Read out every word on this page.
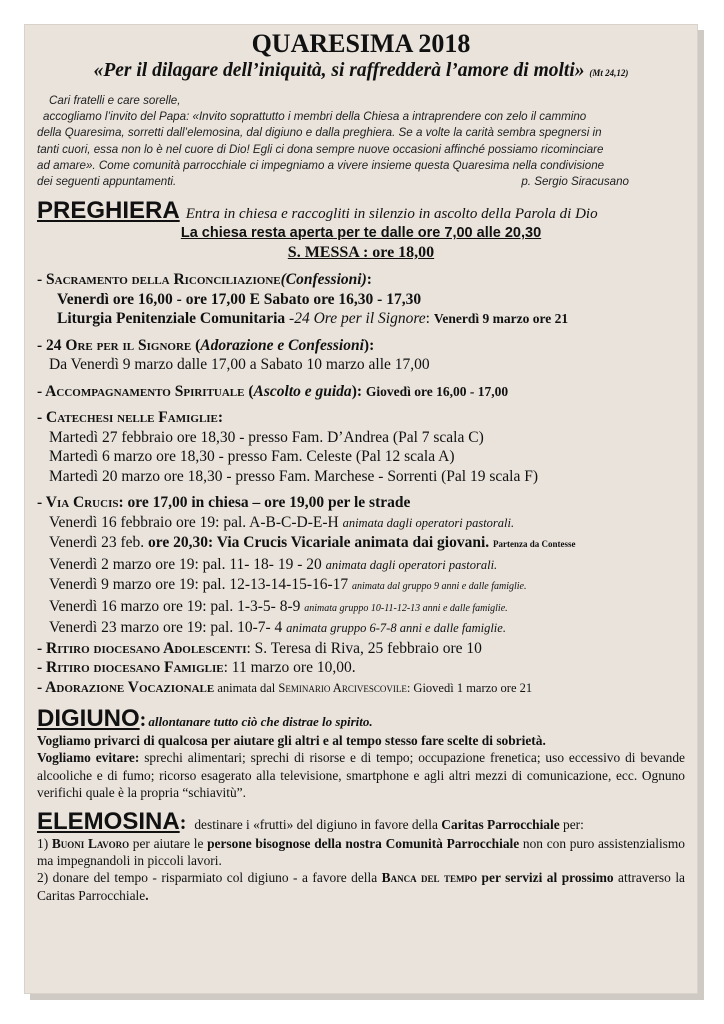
QUARESIMA 2018
«Per il dilagare dell’iniquità, si raffredderà l’amore di molti» (Mt 24,12)
Cari fratelli e care sorelle,
accogliamo l’invito del Papa: «Invito soprattutto i membri della Chiesa a intraprendere con zelo il cammino
della Quaresima, sorretti dall’elemosina, dal digiuno e dalla preghiera. Se a volte la carità sembra spegnersi in
tanti cuori, essa non lo è nel cuore di Dio! Egli ci dona sempre nuove occasioni affinché possiamo ricominciare
ad amare». Come comunità parrocchiale ci impegniamo a vivere insieme questa Quaresima nella condivisione
dei seguenti appuntamenti.	p. Sergio Siracusano
PREGHIERA Entra in chiesa e raccogliti in silenzio in ascolto della Parola di Dio
La chiesa resta aperta per te dalle ore 7,00 alle 20,30
S. MESSA : ore 18,00
- Sacramento della Riconciliazione(Confessioni):
Venerdì ore 16,00 - ore 17,00 E Sabato ore 16,30 - 17,30
Liturgia Penitenziale Comunitaria -24 Ore per il Signore: Venerdì 9 marzo ore 21
- 24 Ore per il Signore (Adorazione e Confessioni):
Da Venerdì 9 marzo dalle 17,00 a Sabato 10 marzo alle 17,00
- Accompagnamento Spirituale (Ascolto e guida): Giovedì ore 16,00 - 17,00
- Catechesi nelle Famiglie:
Martedì 27 febbraio ore 18,30 - presso Fam. D’Andrea (Pal 7 scala C)
Martedì 6 marzo ore 18,30 - presso Fam. Celeste (Pal 12 scala A)
Martedì 20 marzo ore 18,30 - presso Fam. Marchese - Sorrenti (Pal 19 scala F)
- Via Crucis: ore 17,00 in chiesa – ore 19,00 per le strade
Venerdì 16 febbraio ore 19: pal. A-B-C-D-E-H animata dagli operatori pastorali.
Venerdì 23 feb. ore 20,30: Via Crucis Vicariale animata dai giovani. Partenza da Contesse
Venerdì 2 marzo ore 19: pal. 11- 18- 19 - 20 animata dagli operatori pastorali.
Venerdì 9 marzo ore 19: pal. 12-13-14-15-16-17 animata dal gruppo 9 anni e dalle famiglie.
Venerdì 16 marzo ore 19: pal. 1-3-5- 8-9 animata gruppo 10-11-12-13 anni e dalle famiglie.
Venerdì 23 marzo ore 19: pal. 10-7- 4 animata gruppo 6-7-8 anni e dalle famiglie.
- Ritiro diocesano Adolescenti: S. Teresa di Riva, 25 febbraio ore 10
- Ritiro diocesano Famiglie: 11 marzo ore 10,00.
- Adorazione Vocazionale animata dal Seminario Arcivescovile: Giovedì 1 marzo ore 21
DIGIUNO : allontanare tutto ciò che distrae lo spirito.
Vogliamo privarci di qualcosa per aiutare gli altri e al tempo stesso fare scelte di sobrietà.
Vogliamo evitare: sprechi alimentari; sprechi di risorse e di tempo; occupazione frenetica; uso eccessivo di bevande alcooliche e di fumo; ricorso esagerato alla televisione, smartphone e agli altri mezzi di comunicazione, ecc. Ognuno verifichi quale è la propria “schiavitù”.
ELEMOSINA : destinare i «frutti» del digiuno in favore della Caritas Parrocchiale per:
1) Buoni Lavoro per aiutare le persone bisognose della nostra Comunità Parrocchiale non con puro assistenzialismo ma impegnandoli in piccoli lavori.
2) donare del tempo - risparmiato col digiuno - a favore della Banca del tempo per servizi al prossimo attraverso la Caritas Parrocchiale.
